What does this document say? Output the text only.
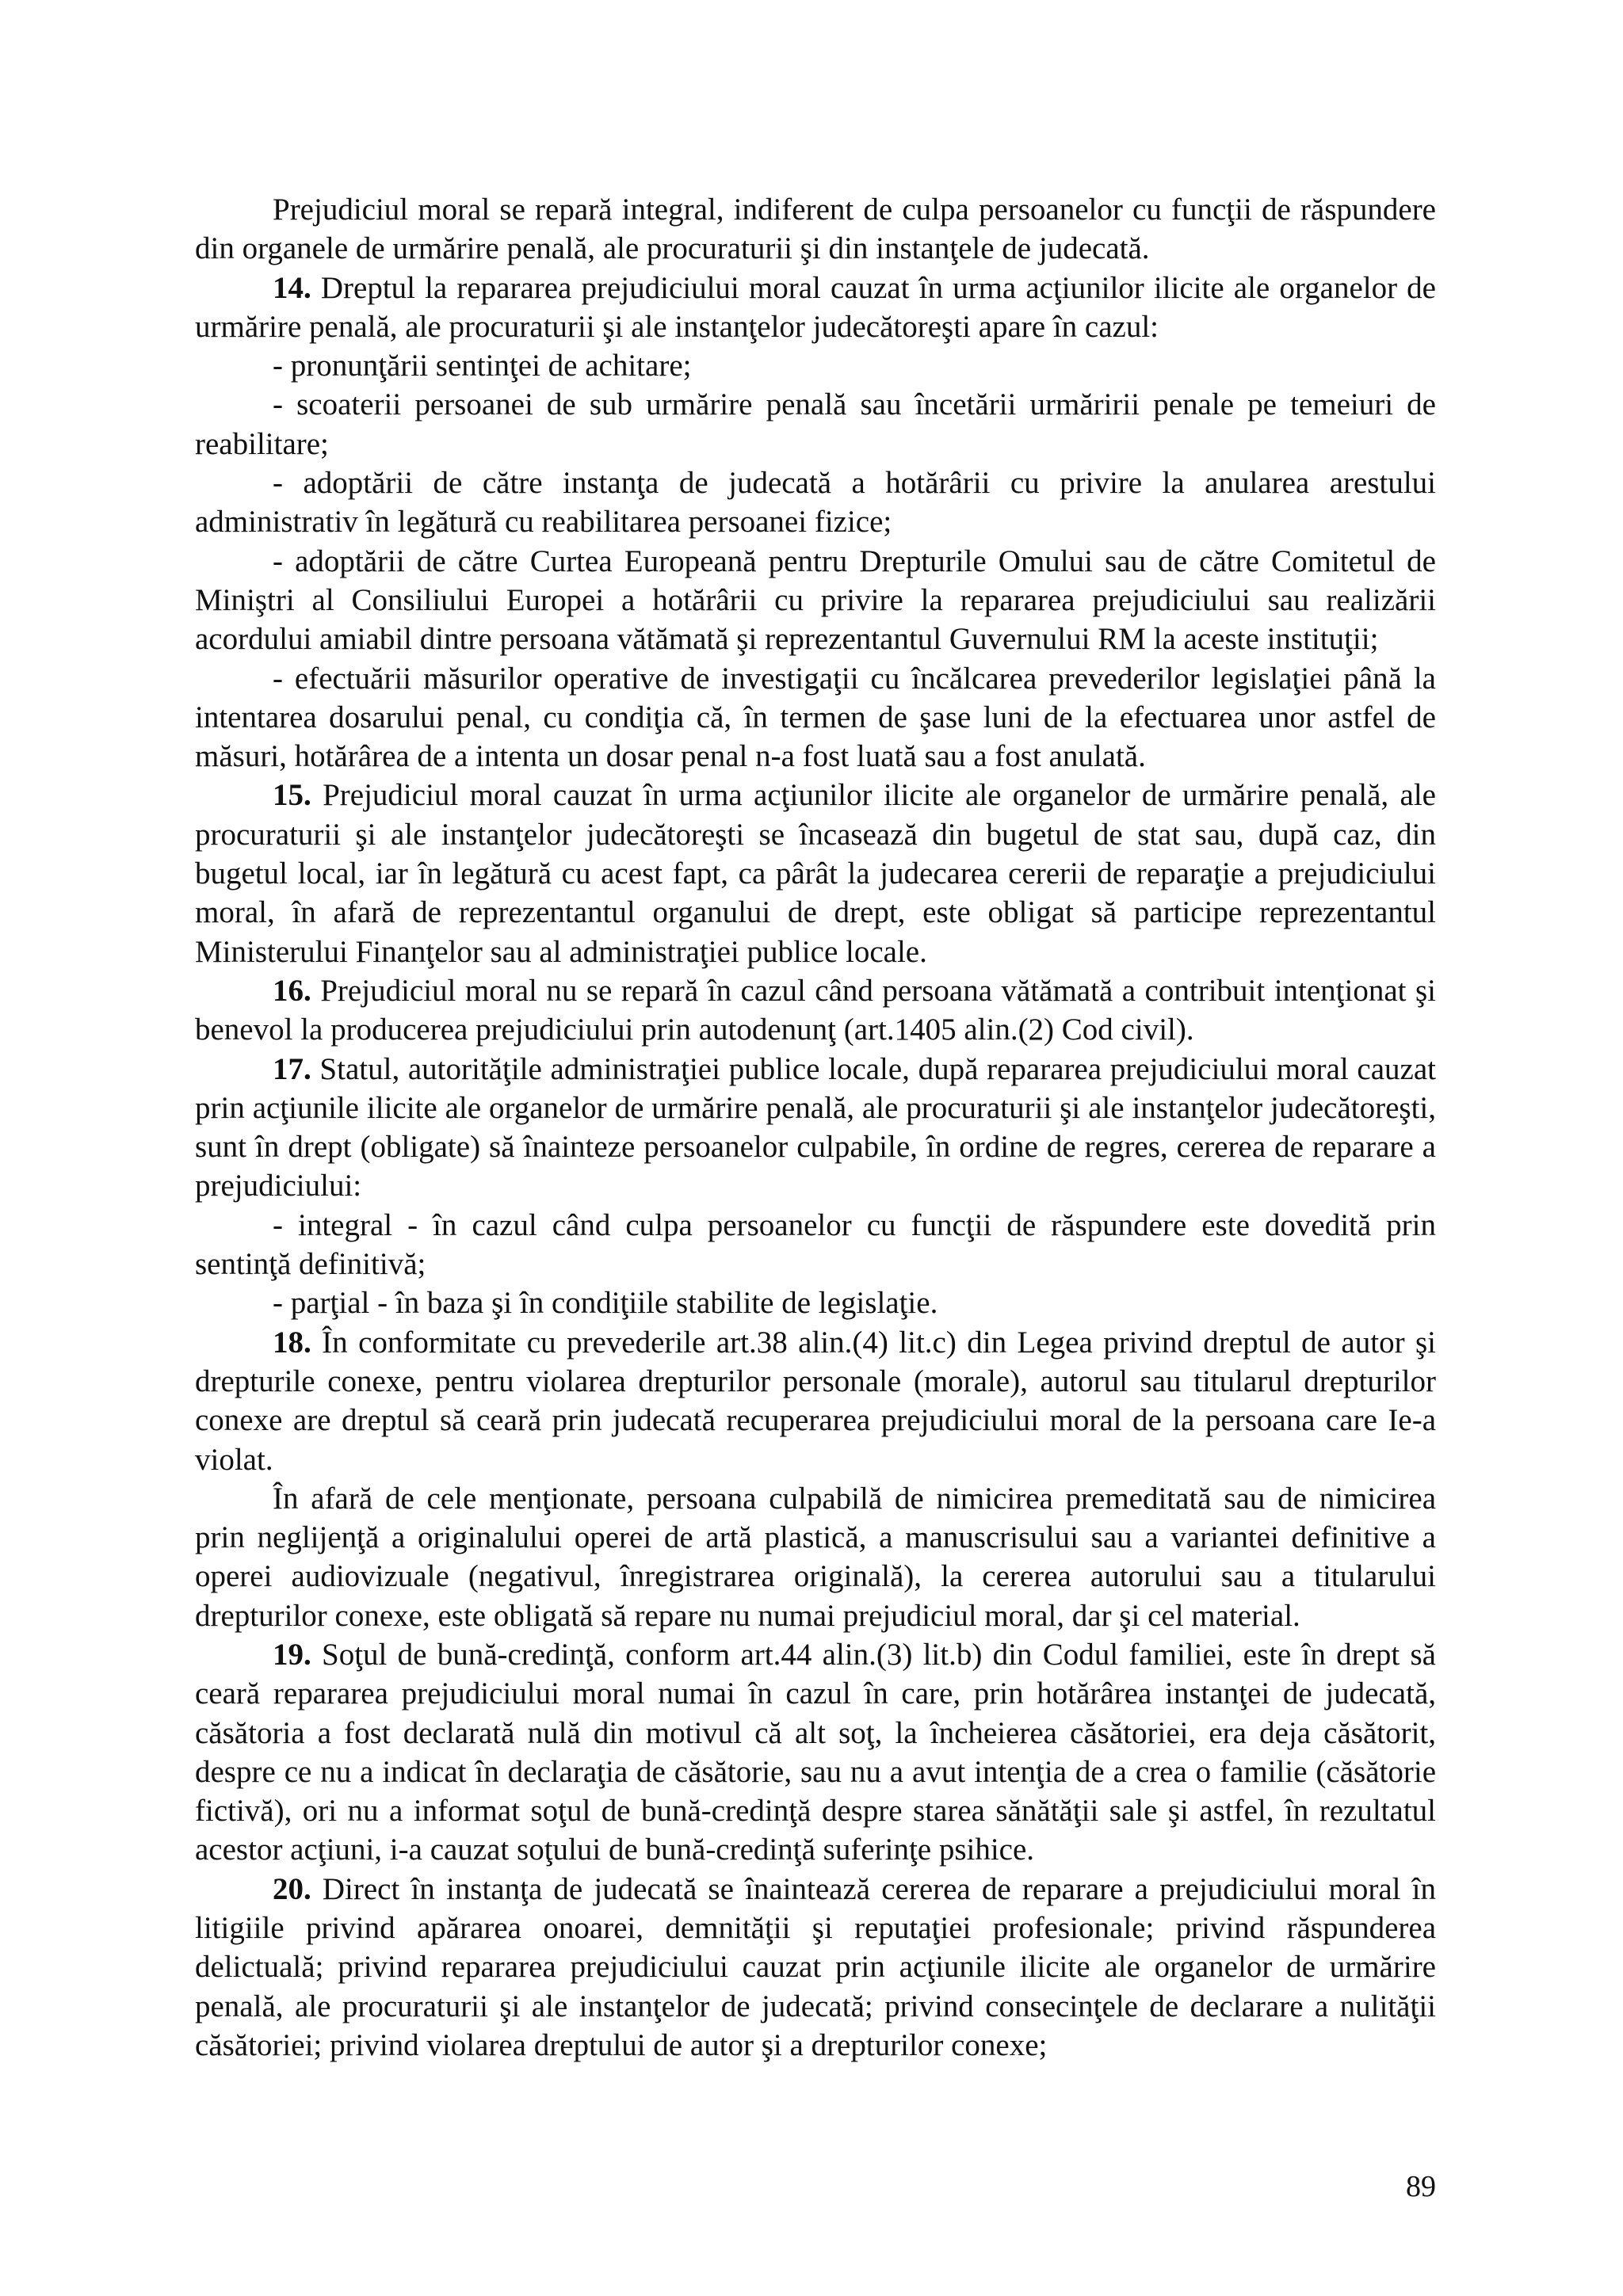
Prejudiciul moral se repară integral, indiferent de culpa persoanelor cu funcţii de răspundere din organele de urmărire penală, ale procuraturii şi din instanţele de judecată.

14. Dreptul la repararea prejudiciului moral cauzat în urma acţiunilor ilicite ale organelor de urmărire penală, ale procuraturii şi ale instanţelor judecătoreşti apare în cazul:

- pronunţării sentinţei de achitare;

- scoaterii persoanei de sub urmărire penală sau încetării urmăririi penale pe temeiuri de reabilitare;

- adoptării de către instanţa de judecată a hotărârii cu privire la anularea arestului administrativ în legătură cu reabilitarea persoanei fizice;

- adoptării de către Curtea Europeană pentru Drepturile Omului sau de către Comitetul de Miniştri al Consiliului Europei a hotărârii cu privire la repararea prejudiciului sau realizării acordului amiabil dintre persoana vătămată şi reprezentantul Guvernului RM la aceste instituţii;

- efectuării măsurilor operative de investigaţii cu încălcarea prevederilor legislaţiei până la intentarea dosarului penal, cu condiţia că, în termen de şase luni de la efectuarea unor astfel de măsuri, hotărârea de a intenta un dosar penal n-a fost luată sau a fost anulată.

15. Prejudiciul moral cauzat în urma acţiunilor ilicite ale organelor de urmărire penală, ale procuraturii şi ale instanţelor judecătoreşti se încasează din bugetul de stat sau, după caz, din bugetul local, iar în legătură cu acest fapt, ca pârât la judecarea cererii de reparaţie a prejudiciului moral, în afară de reprezentantul organului de drept, este obligat să participe reprezentantul Ministerului Finanţelor sau al administraţiei publice locale.

16. Prejudiciul moral nu se repară în cazul când persoana vătămată a contribuit intenţionat şi benevol la producerea prejudiciului prin autodenunţ (art.1405 alin.(2) Cod civil).

17. Statul, autorităţile administraţiei publice locale, după repararea prejudiciului moral cauzat prin acţiunile ilicite ale organelor de urmărire penală, ale procuraturii şi ale instanţelor judecătoreşti, sunt în drept (obligate) să înainteze persoanelor culpabile, în ordine de regres, cererea de reparare a prejudiciului:

- integral - în cazul când culpa persoanelor cu funcţii de răspundere este dovedită prin sentinţă definitivă;

- parţial - în baza şi în condiţiile stabilite de legislaţie.

18. În conformitate cu prevederile art.38 alin.(4) lit.c) din Legea privind dreptul de autor şi drepturile conexe, pentru violarea drepturilor personale (morale), autorul sau titularul drepturilor conexe are dreptul să ceară prin judecată recuperarea prejudiciului moral de la persoana care Ie-a violat.

În afară de cele menţionate, persoana culpabilă de nimicirea premeditată sau de nimicirea prin neglijenţă a originalului operei de artă plastică, a manuscrisului sau a variantei definitive a operei audiovizuale (negativul, înregistrarea originală), la cererea autorului sau a titularului drepturilor conexe, este obligată să repare nu numai prejudiciul moral, dar şi cel material.

19. Soţul de bună-credinţă, conform art.44 alin.(3) lit.b) din Codul familiei, este în drept să ceară repararea prejudiciului moral numai în cazul în care, prin hotărârea instanţei de judecată, căsătoria a fost declarată nulă din motivul că alt soţ, la încheierea căsătoriei, era deja căsătorit, despre ce nu a indicat în declaraţia de căsătorie, sau nu a avut intenţia de a crea o familie (căsătorie fictivă), ori nu a informat soţul de bună-credinţă despre starea sănătăţii sale şi astfel, în rezultatul acestor acţiuni, i-a cauzat soţului de bună-credinţă suferinţe psihice.

20. Direct în instanţa de judecată se înaintează cererea de reparare a prejudiciului moral în litigiile privind apărarea onoarei, demnităţii şi reputaţiei profesionale; privind răspunderea delictuală; privind repararea prejudiciului cauzat prin acţiunile ilicite ale organelor de urmărire penală, ale procuraturii şi ale instanţelor de judecată; privind consecinţele de declarare a nulităţii căsătoriei; privind violarea dreptului de autor şi a drepturilor conexe;

89
